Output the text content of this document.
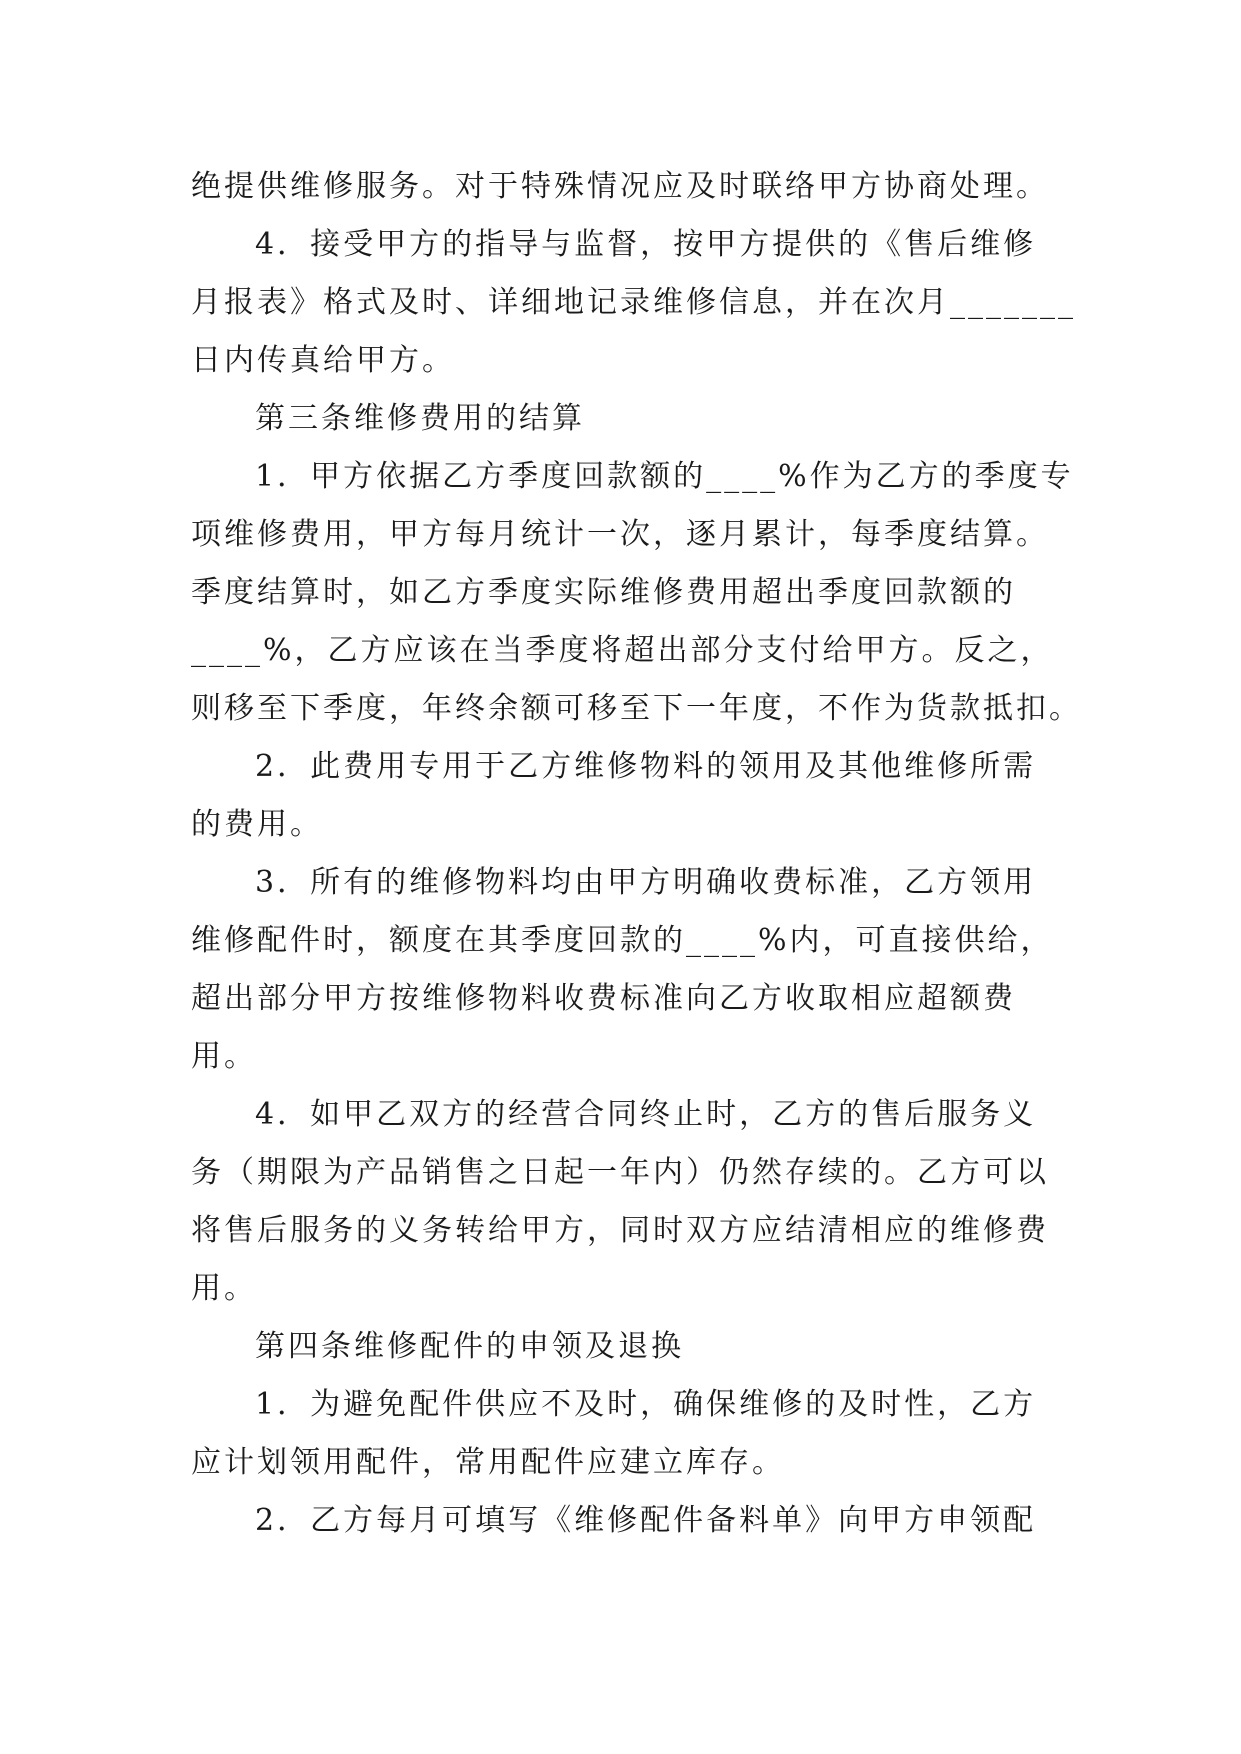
绝提供维修服务。对于特殊情况应及时联络甲方协商处理。
4．接受甲方的指导与监督，按甲方提供的《售后维修
月报表》格式及时、详细地记录维修信息，并在次月_______
日内传真给甲方。
第三条维修费用的结算
1．甲方依据乙方季度回款额的____%作为乙方的季度专
项维修费用，甲方每月统计一次，逐月累计，每季度结算。
季度结算时，如乙方季度实际维修费用超出季度回款额的
____%，乙方应该在当季度将超出部分支付给甲方。反之，
则移至下季度，年终余额可移至下一年度，不作为货款抵扣。
2．此费用专用于乙方维修物料的领用及其他维修所需
的费用。
3．所有的维修物料均由甲方明确收费标准，乙方领用
维修配件时，额度在其季度回款的____%内，可直接供给，
超出部分甲方按维修物料收费标准向乙方收取相应超额费
用。
4．如甲乙双方的经营合同终止时，乙方的售后服务义
务（期限为产品销售之日起一年内）仍然存续的。乙方可以
将售后服务的义务转给甲方，同时双方应结清相应的维修费
用。
第四条维修配件的申领及退换
1．为避免配件供应不及时，确保维修的及时性，乙方
应计划领用配件，常用配件应建立库存。
2．乙方每月可填写《维修配件备料单》向甲方申领配
